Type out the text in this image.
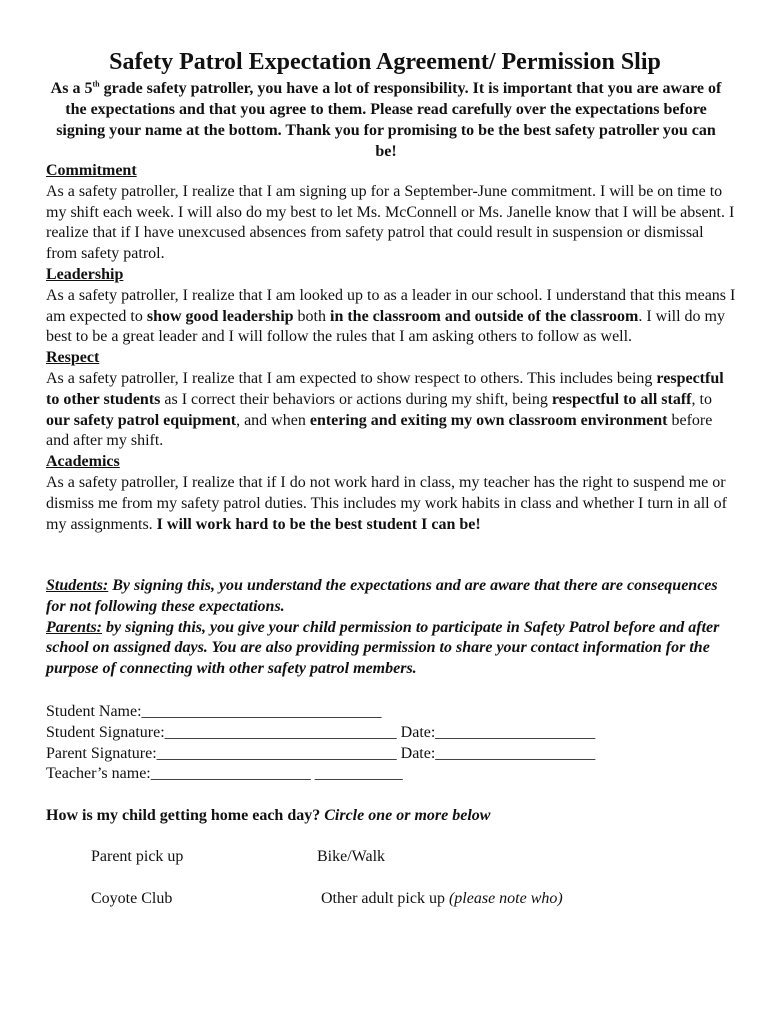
Safety Patrol Expectation Agreement/ Permission Slip

As a 5th grade safety patroller, you have a lot of responsibility. It is important that you are aware of the expectations and that you agree to them. Please read carefully over the expectations before signing your name at the bottom. Thank you for promising to be the best safety patroller you can be!

Commitment

As a safety patroller, I realize that I am signing up for a September-June commitment. I will be on time to my shift each week. I will also do my best to let Ms. McConnell or Ms. Janelle know that I will be absent. I realize that if I have unexcused absences from safety patrol that could result in suspension or dismissal from safety patrol.

Leadership

As a safety patroller, I realize that I am looked up to as a leader in our school. I understand that this means I am expected to show good leadership both in the classroom and outside of the classroom. I will do my best to be a great leader and I will follow the rules that I am asking others to follow as well.

Respect

As a safety patroller, I realize that I am expected to show respect to others. This includes being respectful to other students as I correct their behaviors or actions during my shift, being respectful to all staff, to our safety patrol equipment, and when entering and exiting my own classroom environment before and after my shift.

Academics

As a safety patroller, I realize that if I do not work hard in class, my teacher has the right to suspend me or dismiss me from my safety patrol duties. This includes my work habits in class and whether I turn in all of my assignments. I will work hard to be the best student I can be!

Students: By signing this, you understand the expectations and are aware that there are consequences for not following these expectations.

Parents: by signing this, you give your child permission to participate in Safety Patrol before and after school on assigned days. You are also providing permission to share your contact information for the purpose of connecting with other safety patrol members.

Student Name:______________________________
Student Signature:_____________________________ Date:____________________
Parent Signature:______________________________ Date:____________________
Teacher’s name:____________________ ___________
How is my child getting home each day? Circle one or more below
Parent pick up	Bike/Walk
Coyote Club	Other adult pick up (please note who)
